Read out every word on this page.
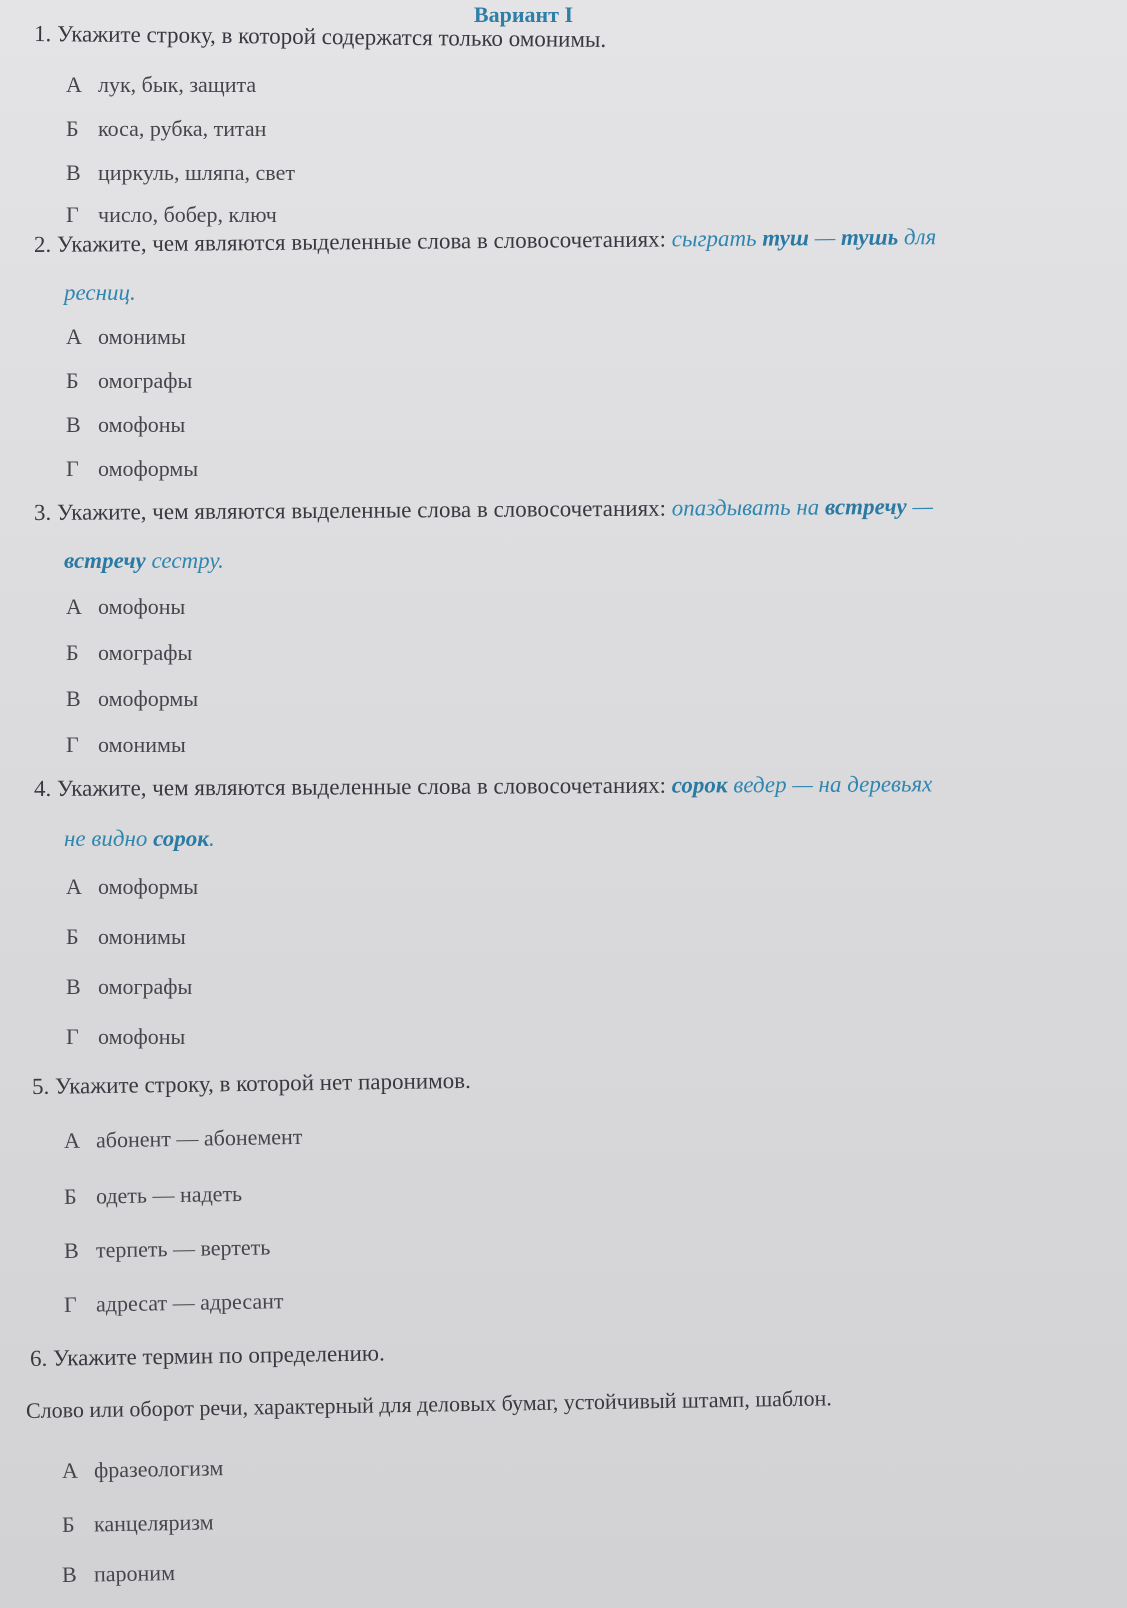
Вариант I
1. Укажите строку, в которой содержатся только омонимы.
А лук, бык, защита
Б коса, рубка, титан
В циркуль, шляпа, свет
Г число, бобер, ключ
2. Укажите, чем являются выделенные слова в словосочетаниях: сыграть туш — тушь для
ресниц.
А омонимы
Б омографы
В омофоны
Г омоформы
3. Укажите, чем являются выделенные слова в словосочетаниях: опаздывать на встречу —
встречу сестру.
А омофоны
Б омографы
В омоформы
Г омонимы
4. Укажите, чем являются выделенные слова в словосочетаниях: сорок ведер — на деревьях
не видно сорок.
А омоформы
Б омонимы
В омографы
Г омофоны
5. Укажите строку, в которой нет паронимов.
А абонент — абонемент
Б одеть — надеть
В терпеть — вертеть
Г адресат — адресант
6. Укажите термин по определению.
Слово или оборот речи, характерный для деловых бумаг, устойчивый штамп, шаблон.
А фразеологизм
Б канцеляризм
В пароним
